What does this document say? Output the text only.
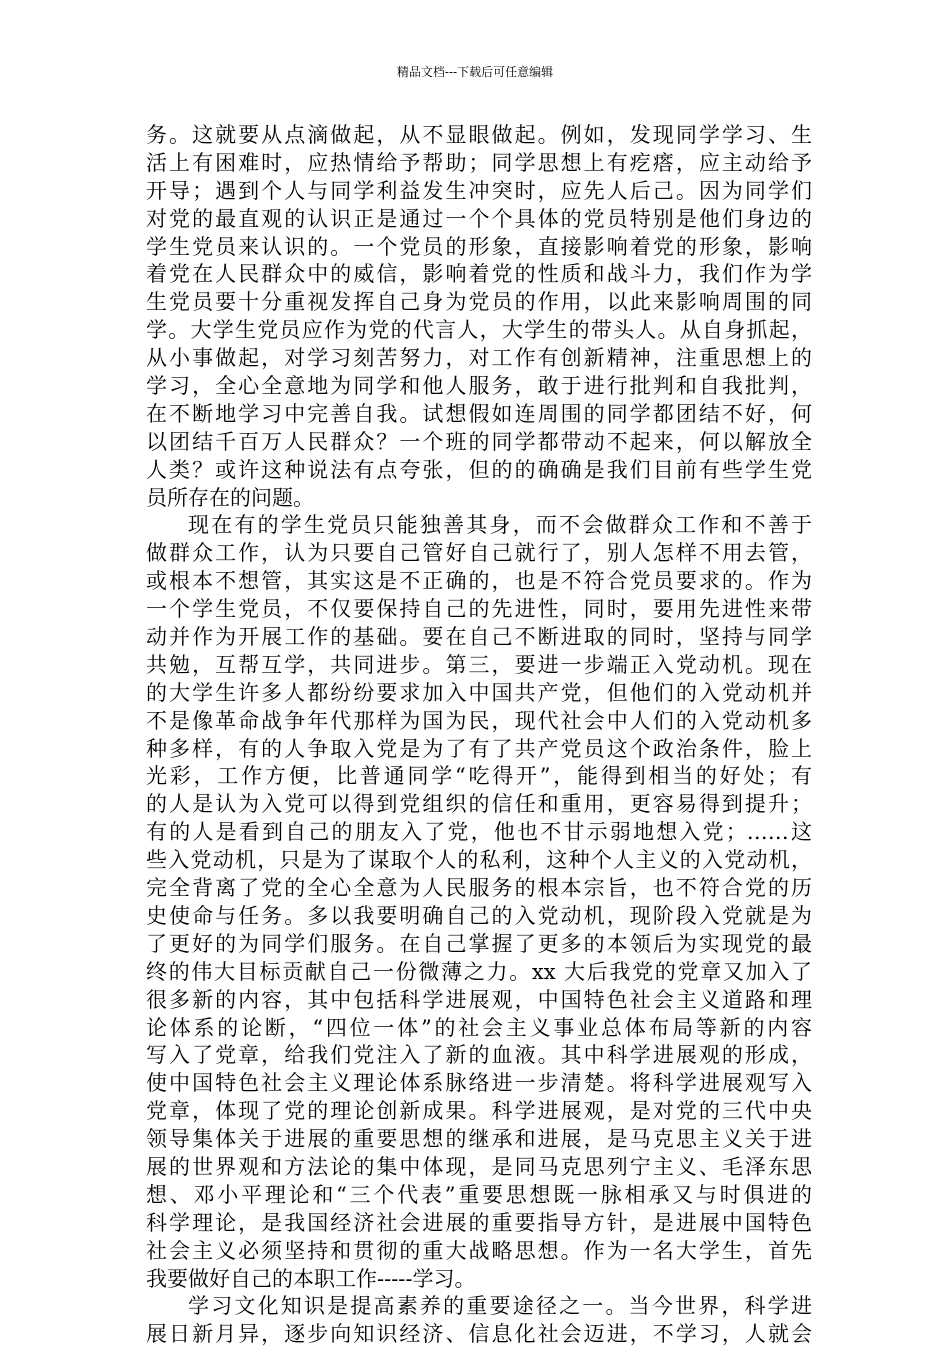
精品文档---下载后可任意编辑
务。这就要从点滴做起，从不显眼做起。例如，发现同学学习、生
活上有困难时，应热情给予帮助；同学思想上有疙瘩，应主动给予
开导；遇到个人与同学利益发生冲突时，应先人后己。因为同学们
对党的最直观的认识正是通过一个个具体的党员特别是他们身边的
学生党员来认识的。一个党员的形象，直接影响着党的形象，影响
着党在人民群众中的威信，影响着党的性质和战斗力，我们作为学
生党员要十分重视发挥自己身为党员的作用，以此来影响周围的同
学。大学生党员应作为党的代言人，大学生的带头人。从自身抓起，
从小事做起，对学习刻苦努力，对工作有创新精神，注重思想上的
学习，全心全意地为同学和他人服务，敢于进行批判和自我批判，
在不断地学习中完善自我。试想假如连周围的同学都团结不好，何
以团结千百万人民群众？一个班的同学都带动不起来，何以解放全
人类？或许这种说法有点夸张，但的的确确是我们目前有些学生党
员所存在的问题。
现在有的学生党员只能独善其身，而不会做群众工作和不善于
做群众工作，认为只要自己管好自己就行了，别人怎样不用去管，
或根本不想管，其实这是不正确的，也是不符合党员要求的。作为
一个学生党员，不仅要保持自己的先进性，同时，要用先进性来带
动并作为开展工作的基础。要在自己不断进取的同时，坚持与同学
共勉，互帮互学，共同进步。第三，要进一步端正入党动机。现在
的大学生许多人都纷纷要求加入中国共产党，但他们的入党动机并
不是像革命战争年代那样为国为民，现代社会中人们的入党动机多
种多样，有的人争取入党是为了有了共产党员这个政治条件，脸上
光彩，工作方便，比普通同学“吃得开”，能得到相当的好处；有
的人是认为入党可以得到党组织的信任和重用，更容易得到提升；
有的人是看到自己的朋友入了党，他也不甘示弱地想入党；……这
些入党动机，只是为了谋取个人的私利，这种个人主义的入党动机，
完全背离了党的全心全意为人民服务的根本宗旨，也不符合党的历
史使命与任务。多以我要明确自己的入党动机，现阶段入党就是为
了更好的为同学们服务。在自己掌握了更多的本领后为实现党的最
终的伟大目标贡献自己一份微薄之力。xx 大后我党的党章又加入了
很多新的内容，其中包括科学进展观，中国特色社会主义道路和理
论体系的论断，“四位一体”的社会主义事业总体布局等新的内容
写入了党章，给我们党注入了新的血液。其中科学进展观的形成，
使中国特色社会主义理论体系脉络进一步清楚。将科学进展观写入
党章，体现了党的理论创新成果。科学进展观，是对党的三代中央
领导集体关于进展的重要思想的继承和进展，是马克思主义关于进
展的世界观和方法论的集中体现，是同马克思列宁主义、毛泽东思
想、邓小平理论和“三个代表”重要思想既一脉相承又与时俱进的
科学理论，是我国经济社会进展的重要指导方针，是进展中国特色
社会主义必须坚持和贯彻的重大战略思想。作为一名大学生，首先
我要做好自己的本职工作-----学习。
学习文化知识是提高素养的重要途径之一。当今世界，科学进
展日新月异，逐步向知识经济、信息化社会迈进，不学习，人就会
